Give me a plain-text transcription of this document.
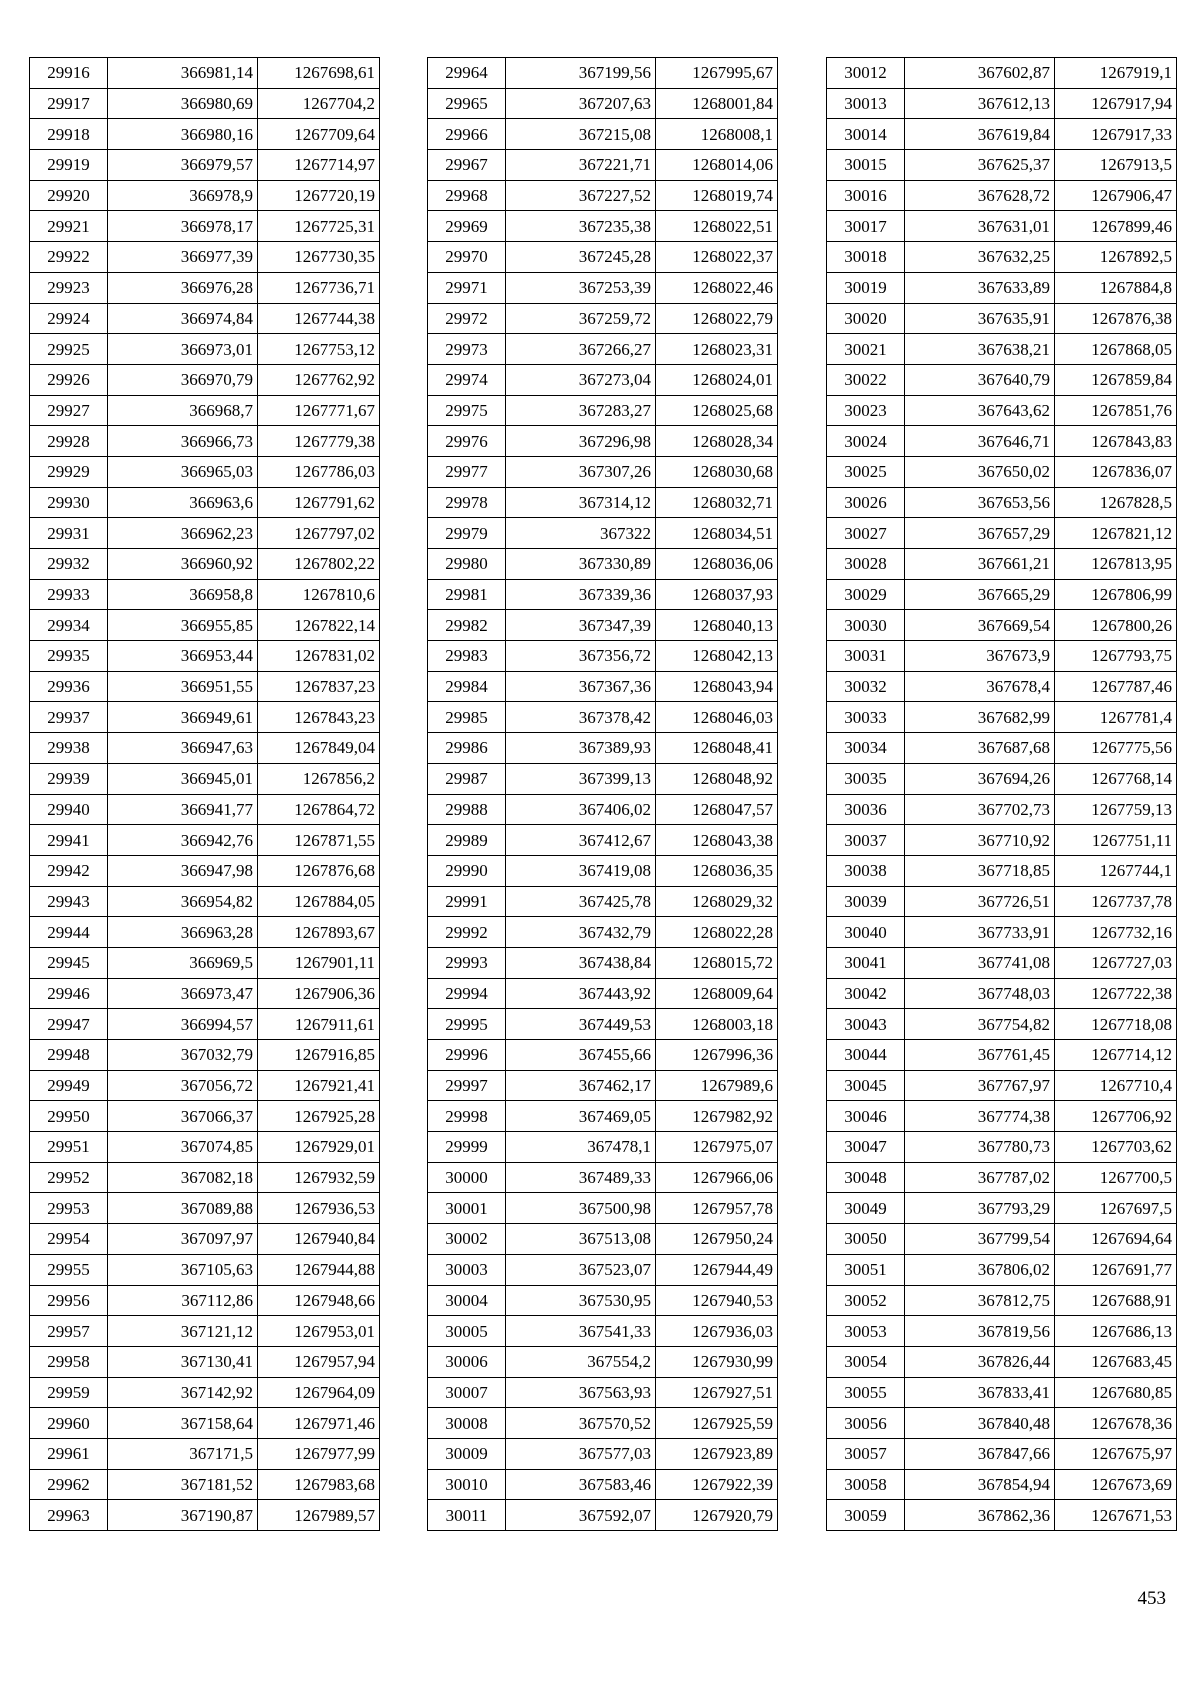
29916	366981,14	1267698,61
29917	366980,69	1267704,2
29918	366980,16	1267709,64
29919	366979,57	1267714,97
29920	366978,9	1267720,19
29921	366978,17	1267725,31
29922	366977,39	1267730,35
29923	366976,28	1267736,71
29924	366974,84	1267744,38
29925	366973,01	1267753,12
29926	366970,79	1267762,92
29927	366968,7	1267771,67
29928	366966,73	1267779,38
29929	366965,03	1267786,03
29930	366963,6	1267791,62
29931	366962,23	1267797,02
29932	366960,92	1267802,22
29933	366958,8	1267810,6
29934	366955,85	1267822,14
29935	366953,44	1267831,02
29936	366951,55	1267837,23
29937	366949,61	1267843,23
29938	366947,63	1267849,04
29939	366945,01	1267856,2
29940	366941,77	1267864,72
29941	366942,76	1267871,55
29942	366947,98	1267876,68
29943	366954,82	1267884,05
29944	366963,28	1267893,67
29945	366969,5	1267901,11
29946	366973,47	1267906,36
29947	366994,57	1267911,61
29948	367032,79	1267916,85
29949	367056,72	1267921,41
29950	367066,37	1267925,28
29951	367074,85	1267929,01
29952	367082,18	1267932,59
29953	367089,88	1267936,53
29954	367097,97	1267940,84
29955	367105,63	1267944,88
29956	367112,86	1267948,66
29957	367121,12	1267953,01
29958	367130,41	1267957,94
29959	367142,92	1267964,09
29960	367158,64	1267971,46
29961	367171,5	1267977,99
29962	367181,52	1267983,68
29963	367190,87	1267989,57
29964	367199,56	1267995,67
29965	367207,63	1268001,84
29966	367215,08	1268008,1
29967	367221,71	1268014,06
29968	367227,52	1268019,74
29969	367235,38	1268022,51
29970	367245,28	1268022,37
29971	367253,39	1268022,46
29972	367259,72	1268022,79
29973	367266,27	1268023,31
29974	367273,04	1268024,01
29975	367283,27	1268025,68
29976	367296,98	1268028,34
29977	367307,26	1268030,68
29978	367314,12	1268032,71
29979	367322	1268034,51
29980	367330,89	1268036,06
29981	367339,36	1268037,93
29982	367347,39	1268040,13
29983	367356,72	1268042,13
29984	367367,36	1268043,94
29985	367378,42	1268046,03
29986	367389,93	1268048,41
29987	367399,13	1268048,92
29988	367406,02	1268047,57
29989	367412,67	1268043,38
29990	367419,08	1268036,35
29991	367425,78	1268029,32
29992	367432,79	1268022,28
29993	367438,84	1268015,72
29994	367443,92	1268009,64
29995	367449,53	1268003,18
29996	367455,66	1267996,36
29997	367462,17	1267989,6
29998	367469,05	1267982,92
29999	367478,1	1267975,07
30000	367489,33	1267966,06
30001	367500,98	1267957,78
30002	367513,08	1267950,24
30003	367523,07	1267944,49
30004	367530,95	1267940,53
30005	367541,33	1267936,03
30006	367554,2	1267930,99
30007	367563,93	1267927,51
30008	367570,52	1267925,59
30009	367577,03	1267923,89
30010	367583,46	1267922,39
30011	367592,07	1267920,79
30012	367602,87	1267919,1
30013	367612,13	1267917,94
30014	367619,84	1267917,33
30015	367625,37	1267913,5
30016	367628,72	1267906,47
30017	367631,01	1267899,46
30018	367632,25	1267892,5
30019	367633,89	1267884,8
30020	367635,91	1267876,38
30021	367638,21	1267868,05
30022	367640,79	1267859,84
30023	367643,62	1267851,76
30024	367646,71	1267843,83
30025	367650,02	1267836,07
30026	367653,56	1267828,5
30027	367657,29	1267821,12
30028	367661,21	1267813,95
30029	367665,29	1267806,99
30030	367669,54	1267800,26
30031	367673,9	1267793,75
30032	367678,4	1267787,46
30033	367682,99	1267781,4
30034	367687,68	1267775,56
30035	367694,26	1267768,14
30036	367702,73	1267759,13
30037	367710,92	1267751,11
30038	367718,85	1267744,1
30039	367726,51	1267737,78
30040	367733,91	1267732,16
30041	367741,08	1267727,03
30042	367748,03	1267722,38
30043	367754,82	1267718,08
30044	367761,45	1267714,12
30045	367767,97	1267710,4
30046	367774,38	1267706,92
30047	367780,73	1267703,62
30048	367787,02	1267700,5
30049	367793,29	1267697,5
30050	367799,54	1267694,64
30051	367806,02	1267691,77
30052	367812,75	1267688,91
30053	367819,56	1267686,13
30054	367826,44	1267683,45
30055	367833,41	1267680,85
30056	367840,48	1267678,36
30057	367847,66	1267675,97
30058	367854,94	1267673,69
30059	367862,36	1267671,53
453
